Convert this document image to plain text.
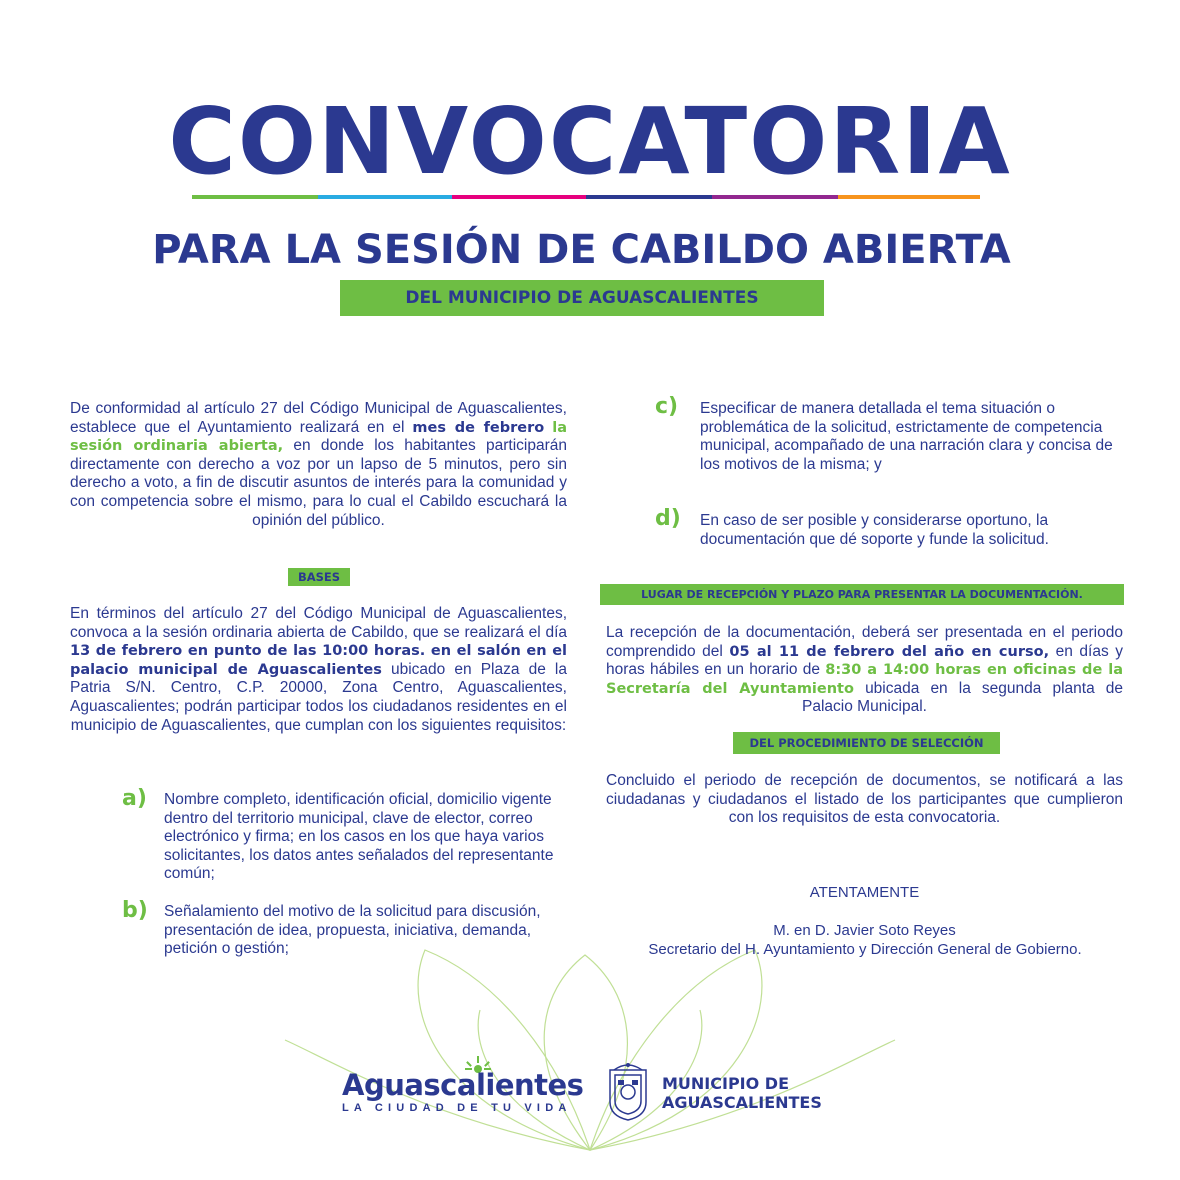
CONVOCATORIA
PARA LA SESIÓN DE CABILDO ABIERTA
DEL MUNICIPIO DE AGUASCALIENTES
De conformidad al artículo 27 del Código Municipal de Aguascalientes, establece que el Ayuntamiento realizará en el mes de febrero la sesión ordinaria abierta, en donde los habitantes participarán directamente con derecho a voz por un lapso de 5 minutos, pero sin derecho a voto, a fin de discutir asuntos de interés para la comunidad y con competencia sobre el mismo, para lo cual el Cabildo escuchará la opinión del público.
BASES
En términos del artículo 27 del Código Municipal de Aguascalientes, convoca a la sesión ordinaria abierta de Cabildo, que se realizará el día 13 de febrero en punto de las 10:00 horas. en el salón en el palacio municipal de Aguascalientes ubicado en Plaza de la Patria S/N. Centro, C.P. 20000, Zona Centro, Aguascalientes, Aguascalientes; podrán participar todos los ciudadanos residentes en el municipio de Aguascalientes, que cumplan con los siguientes requisitos:
a) Nombre completo, identificación oficial, domicilio vigente dentro del territorio municipal, clave de elector, correo electrónico y firma; en los casos en los que haya varios solicitantes, los datos antes señalados del representante común;
b) Señalamiento del motivo de la solicitud para discusión, presentación de idea, propuesta, iniciativa, demanda, petición o gestión;
c) Especificar de manera detallada el tema situación o problemática de la solicitud, estrictamente de competencia municipal, acompañado de una narración clara y concisa de los motivos de la misma; y
d) En caso de ser posible y considerarse oportuno, la documentación que dé soporte y funde la solicitud.
LUGAR DE RECEPCIÓN Y PLAZO PARA PRESENTAR LA DOCUMENTACIÓN.
La recepción de la documentación, deberá ser presentada en el periodo comprendido del 05 al 11 de febrero del año en curso, en días y horas hábiles en un horario de 8:30 a 14:00 horas en oficinas de la Secretaría del Ayuntamiento ubicada en la segunda planta de Palacio Municipal.
DEL PROCEDIMIENTO DE SELECCIÓN
Concluido el periodo de recepción de documentos, se notificará a las ciudadanas y ciudadanos el listado de los participantes que cumplieron con los requisitos de esta convocatoria.
ATENTAMENTE
M. en D. Javier Soto Reyes
Secretario del H. Ayuntamiento y Dirección General de Gobierno.
Aguascalientes
LA CIUDAD DE TU VIDA
MUNICIPIO DE
AGUASCALIENTES
